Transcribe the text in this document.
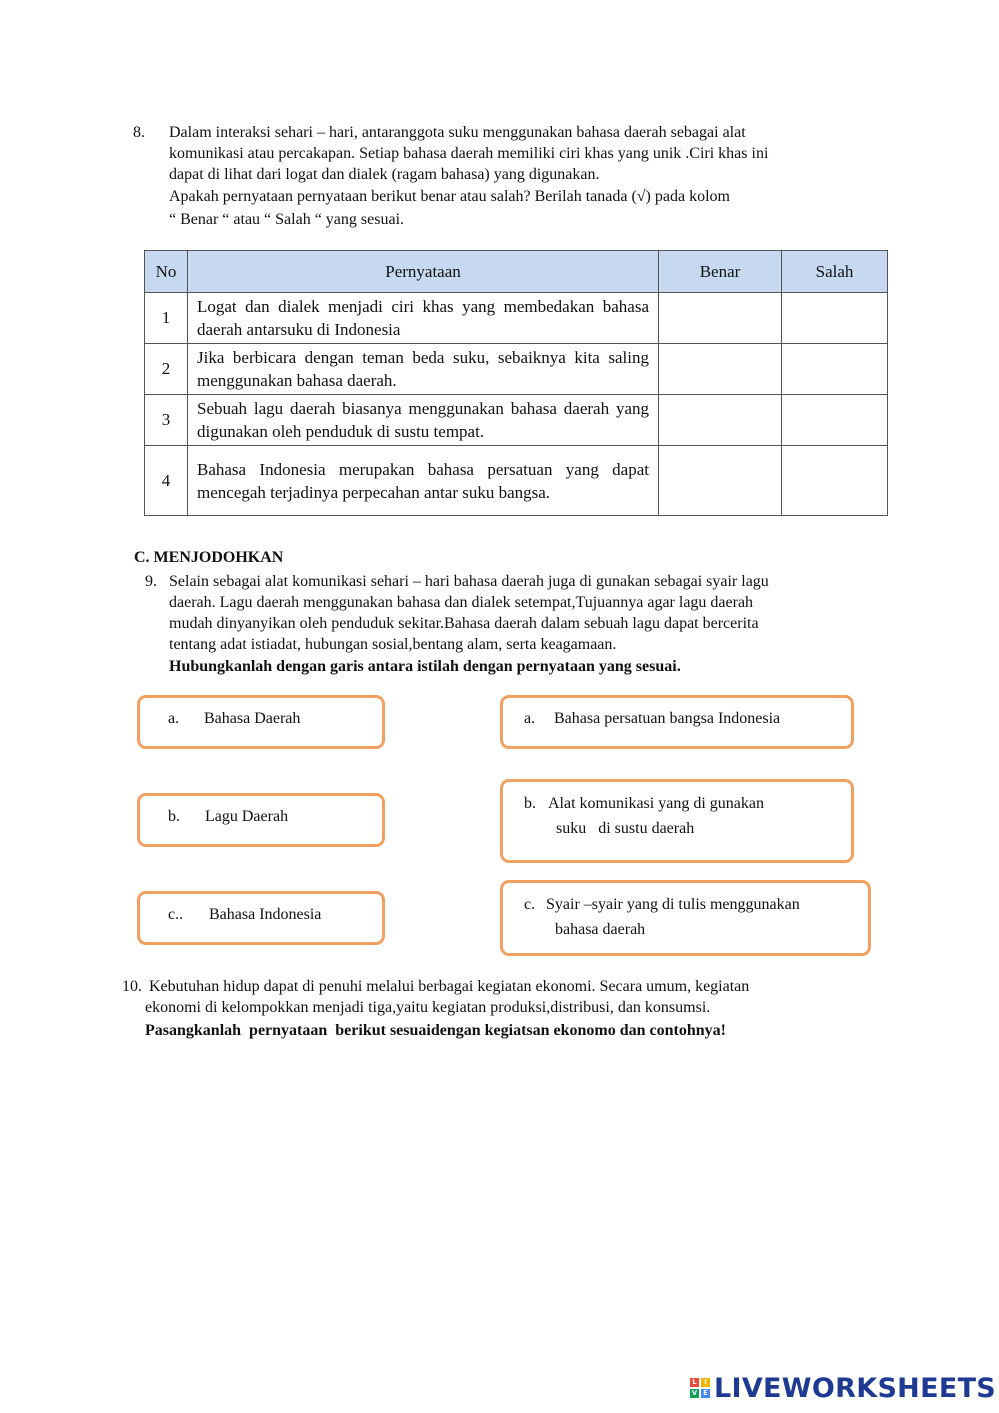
8. Dalam interaksi sehari – hari, antaranggota suku menggunakan bahasa daerah sebagai alat
komunikasi atau percakapan. Setiap bahasa daerah memiliki ciri khas yang unik .Ciri khas ini
dapat di lihat dari logat dan dialek (ragam bahasa) yang digunakan.
Apakah pernyataan pernyataan berikut benar atau salah? Berilah tanada (√) pada kolom
“ Benar “ atau “ Salah “ yang sesuai.
No	Pernyataan	Benar	Salah
1	Logat dan dialek menjadi ciri khas yang membedakan bahasa daerah antarsuku di Indonesia	

2	Jika berbicara dengan teman beda suku, sebaiknya kita saling menggunakan bahasa daerah.	

3	Sebuah lagu daerah biasanya menggunakan bahasa daerah yang digunakan oleh penduduk di sustu tempat.	

4	Bahasa Indonesia merupakan bahasa persatuan yang dapat mencegah terjadinya perpecahan antar suku bangsa.	

C. MENJODOHKAN
9. Selain sebagai alat komunikasi sehari – hari bahasa daerah juga di gunakan sebagai syair lagu
daerah. Lagu daerah menggunakan bahasa dan dialek setempat,Tujuannya agar lagu daerah
mudah dinyanyikan oleh penduduk sekitar.Bahasa daerah dalam sebuah lagu dapat bercerita
tentang adat istiadat, hubungan sosial,bentang alam, serta keagamaan.
Hubungkanlah dengan garis antara istilah dengan pernyataan yang sesuai.
a. Bahasa Daerah
b. Lagu Daerah
c.. Bahasa Indonesia
a. Bahasa persatuan bangsa Indonesia
b. Alat komunikasi yang di gunakan
suku   di sustu daerah
c. Syair –syair yang di tulis menggunakan
bahasa daerah
10. Kebutuhan hidup dapat di penuhi melalui berbagai kegiatan ekonomi. Secara umum, kegiatan
ekonomi di kelompokkan menjadi tiga,yaitu kegiatan produksi,distribusi, dan konsumsi.
Pasangkanlah  pernyataan  berikut sesuaidengan kegiatsan ekonomo dan contohnya!
L	I
V E LIVEWORKSHEETS
